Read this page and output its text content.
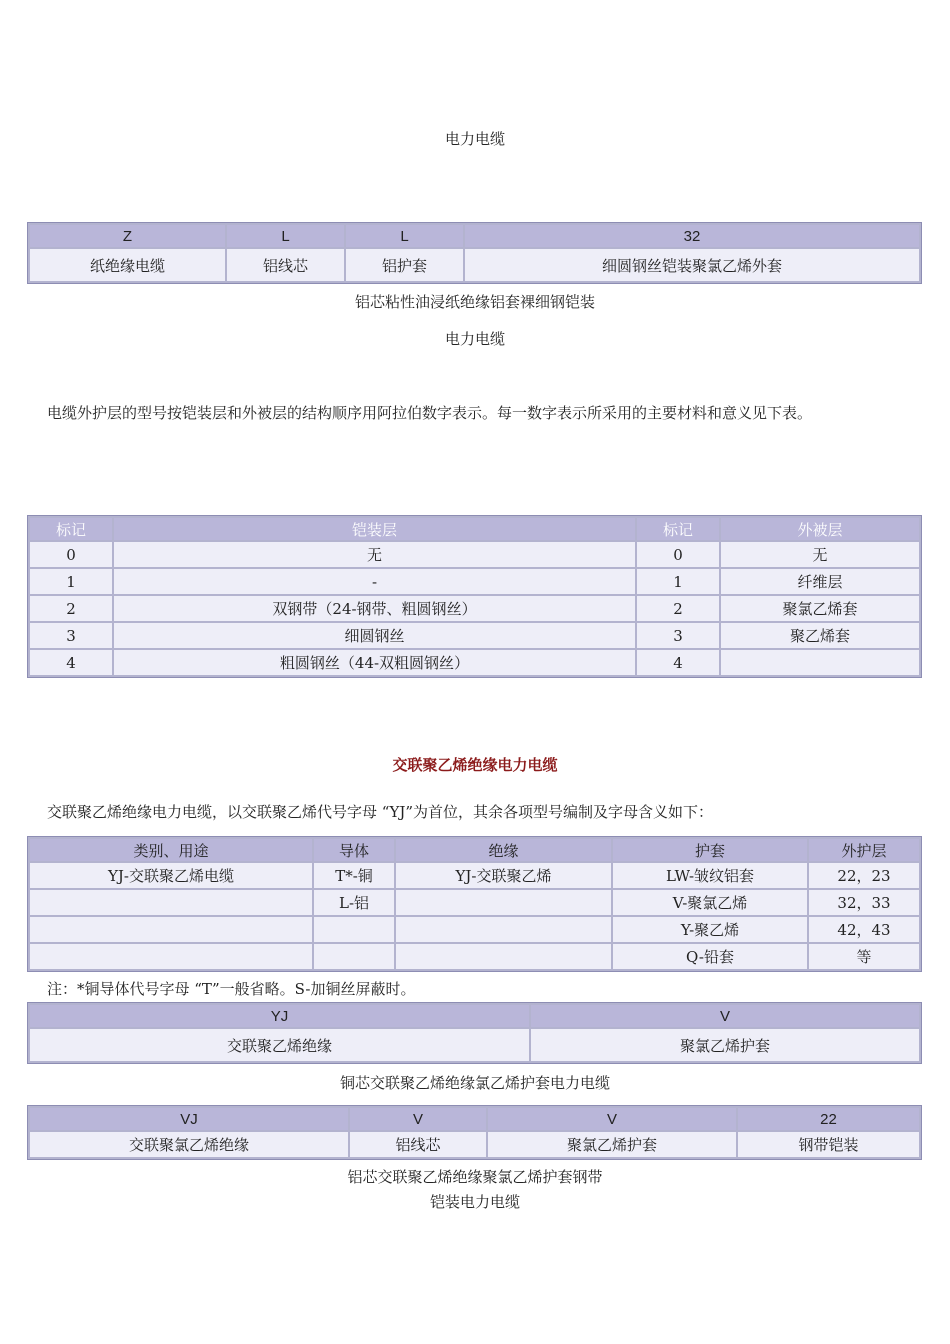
电力电缆
Z	L	L	32
纸绝缘电缆	铝线芯	铝护套	细圆钢丝铠装聚氯乙烯外套
铝芯粘性油浸纸绝缘铝套裸细钢铠装
电力电缆
电缆外护层的型号按铠装层和外被层的结构顺序用阿拉伯数字表示。每一数字表示所采用的主要材料和意义见下表。
标记	铠装层	标记	外被层
0	无	0	无
1	-	1	纤维层
2	双钢带（24-钢带、粗圆钢丝）	2	聚氯乙烯套
3	细圆钢丝	3	聚乙烯套
4	粗圆钢丝（44-双粗圆钢丝）	4	
交联聚乙烯绝缘电力电缆
交联聚乙烯绝缘电力电缆，以交联聚乙烯代号字母 “YJ”为首位，其余各项型号编制及字母含义如下：
类别、用途	导体	绝缘	护套	外护层
YJ-交联聚乙烯电缆	T*-铜	YJ-交联聚乙烯	LW-皱纹铝套	22，23
	L-铝		V-聚氯乙烯	32，33
			Y-聚乙烯	42，43
			Q-铅套	等
注：*铜导体代号字母 “T”一般省略。S-加铜丝屏蔽时。
YJ	V
交联聚乙烯绝缘	聚氯乙烯护套
铜芯交联聚乙烯绝缘氯乙烯护套电力电缆
VJ	V	V	22
交联聚氯乙烯绝缘	铝线芯	聚氯乙烯护套	钢带铠装
铝芯交联聚乙烯绝缘聚氯乙烯护套钢带
铠装电力电缆
